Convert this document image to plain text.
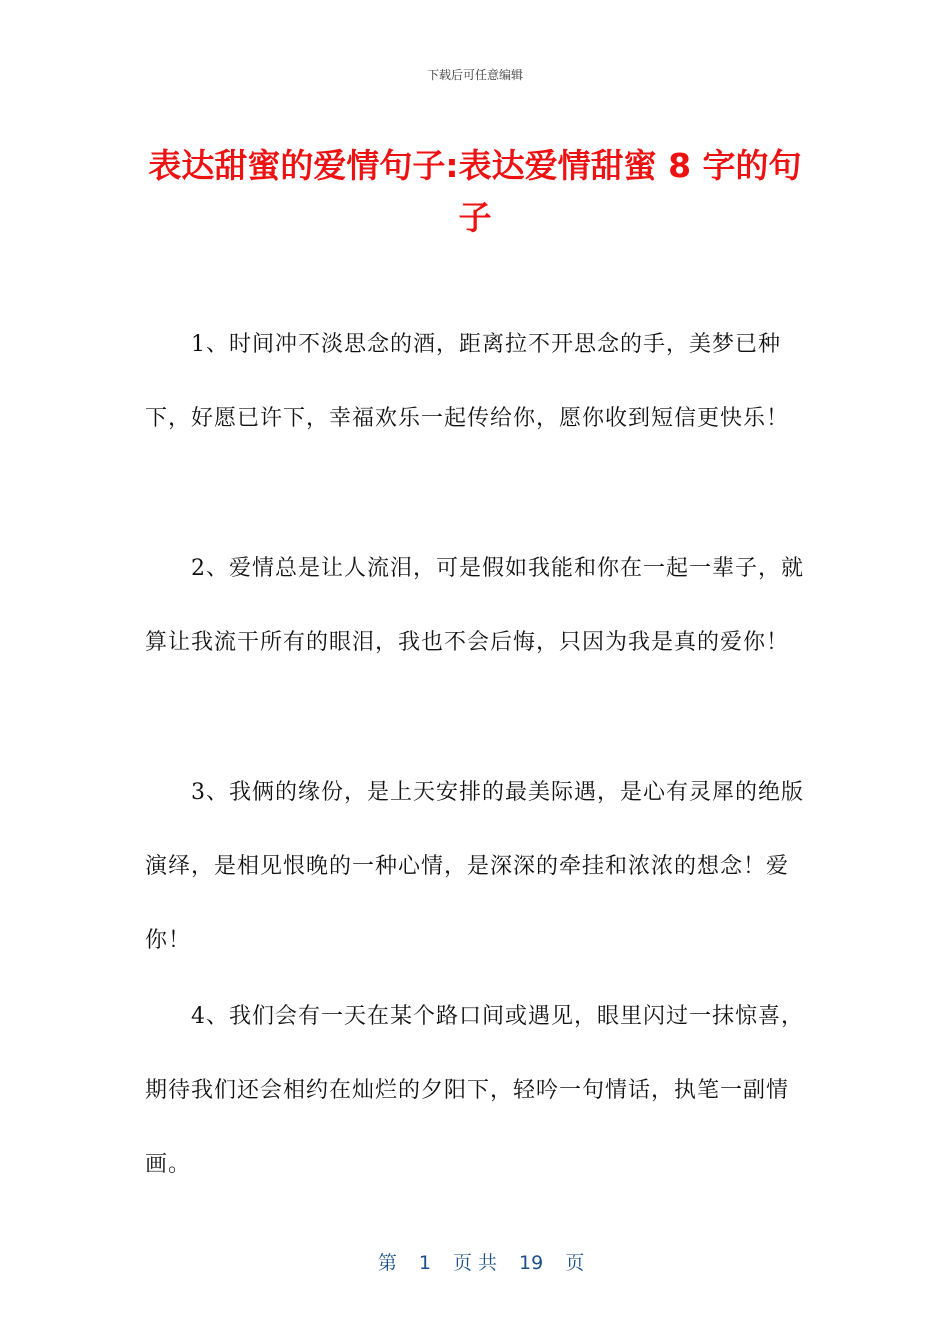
下载后可任意编辑
表达甜蜜的爱情句子:表达爱情甜蜜 8 字的句子

1、时间冲不淡思念的酒，距离拉不开思念的手，美梦已种下，好愿已许下，幸福欢乐一起传给你，愿你收到短信更快乐！

2、爱情总是让人流泪，可是假如我能和你在一起一辈子，就算让我流干所有的眼泪，我也不会后悔，只因为我是真的爱你！

3、我俩的缘份，是上天安排的最美际遇，是心有灵犀的绝版演绎，是相见恨晚的一种心情，是深深的牵挂和浓浓的想念！爱你！

4、我们会有一天在某个路口间或遇见，眼里闪过一抹惊喜，期待我们还会相约在灿烂的夕阳下，轻吟一句情话，执笔一副情画。

第 1 页 共 19 页
